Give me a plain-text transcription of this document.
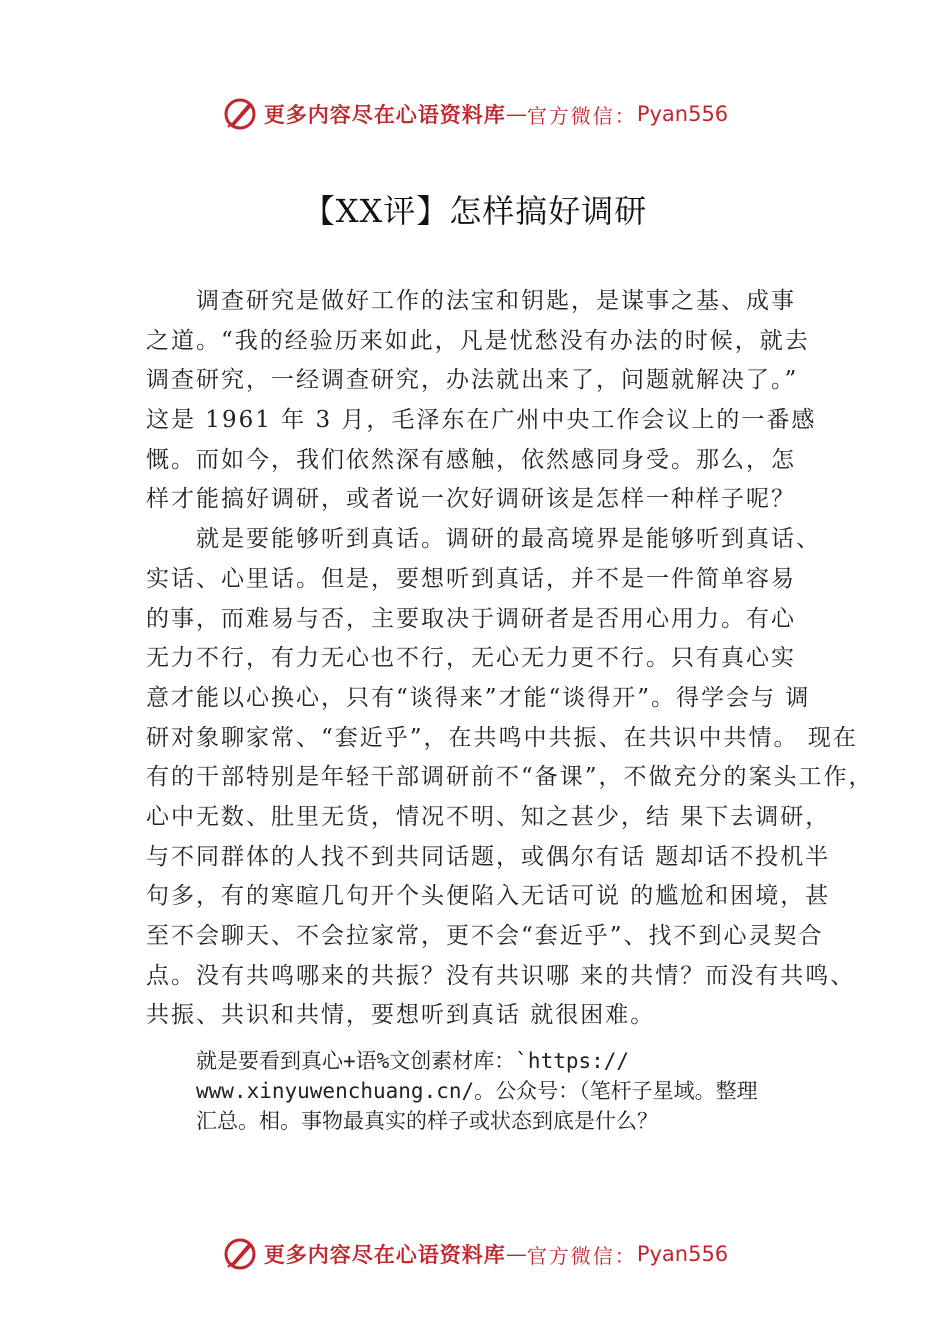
更多内容尽在心语资料库 — 官方微信： Pyan556
【XX评】怎样搞好调研
调查研究是做好工作的法宝和钥匙，是谋事之基、成事
之道。“我的经验历来如此，凡是忧愁没有办法的时候，就去
调查研究，一经调查研究，办法就出来了，问题就解决了。”
这是 1961 年 3 月，毛泽东在广州中央工作会议上的一番感
慨。而如今，我们依然深有感触，依然感同身受。那么，怎
样才能搞好调研，或者说一次好调研该是怎样一种样子呢？
就是要能够听到真话。调研的最高境界是能够听到真话、
实话、心里话。但是，要想听到真话，并不是一件简单容易
的事，而难易与否，主要取决于调研者是否用心用力。有心
无力不行，有力无心也不行，无心无力更不行。只有真心实
意才能以心换心，只有“谈得来”才能“谈得开”。得学会与 调
研对象聊家常、“套近乎”，在共鸣中共振、在共识中共情。 现在
有的干部特别是年轻干部调研前不“备课”，不做充分的案头工作，
心中无数、肚里无货，情况不明、知之甚少，结 果下去调研，
与不同群体的人找不到共同话题，或偶尔有话 题却话不投机半
句多，有的寒暄几句开个头便陷入无话可说 的尴尬和困境，甚
至不会聊天、不会拉家常，更不会“套近乎”、找不到心灵契合
点。没有共鸣哪来的共振？没有共识哪 来的共情？而没有共鸣、
共振、共识和共情，要想听到真话 就很困难。
就是要看到真心+语%文创素材库：`https://
www.xinyuwenchuang.cn/。公众号：（笔杆子星域。整理
汇总。相。事物最真实的样子或状态到底是什么？
更多内容尽在心语资料库 — 官方微信： Pyan556
